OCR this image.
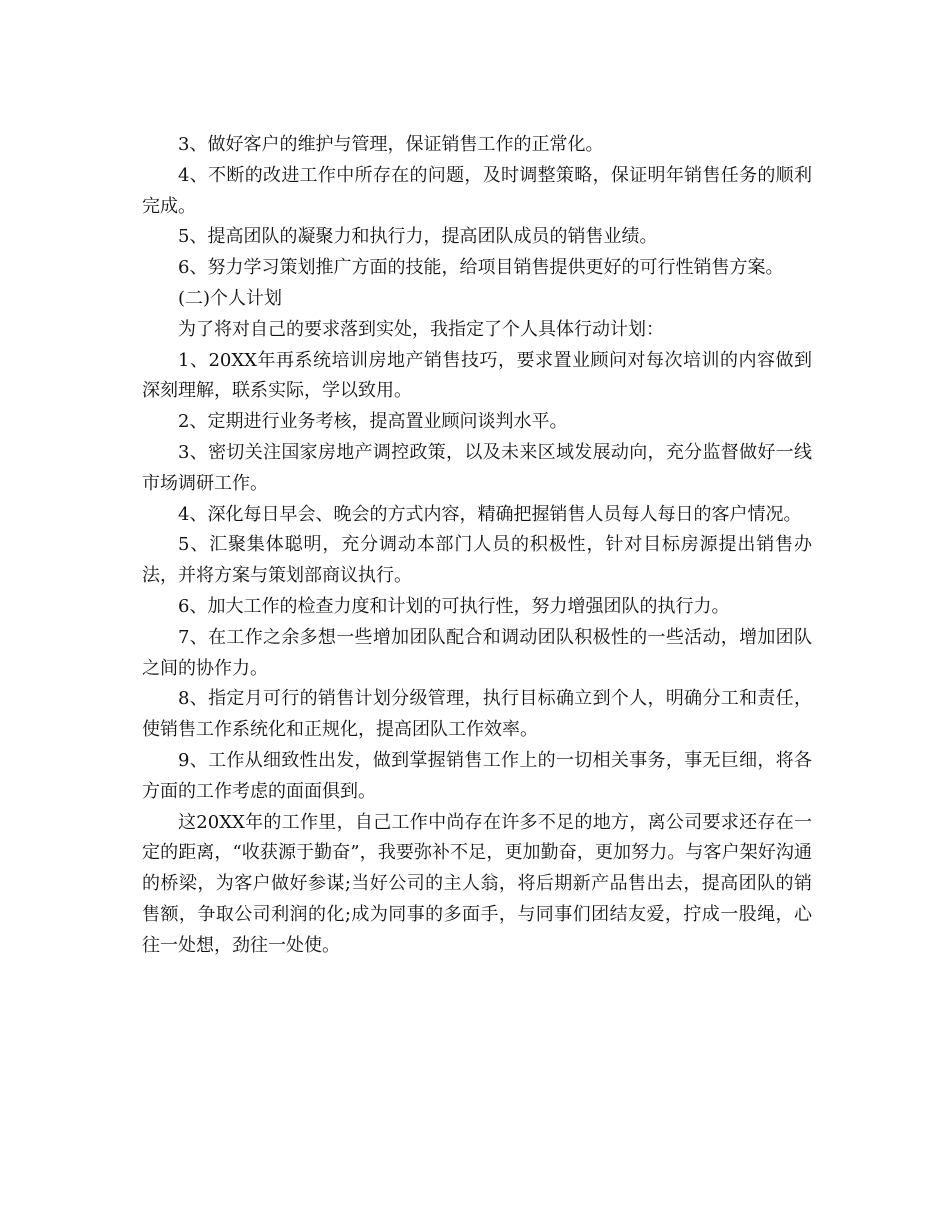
3、做好客户的维护与管理，保证销售工作的正常化。

4、不断的改进工作中所存在的问题，及时调整策略，保证明年销售任务的顺利完成。

5、提高团队的凝聚力和执行力，提高团队成员的销售业绩。

6、努力学习策划推广方面的技能，给项目销售提供更好的可行性销售方案。

(二)个人计划

为了将对自己的要求落到实处，我指定了个人具体行动计划：

1、20XX年再系统培训房地产销售技巧，要求置业顾问对每次培训的内容做到深刻理解，联系实际，学以致用。

2、定期进行业务考核，提高置业顾问谈判水平。

3、密切关注国家房地产调控政策，以及未来区域发展动向，充分监督做好一线市场调研工作。

4、深化每日早会、晚会的方式内容，精确把握销售人员每人每日的客户情况。

5、汇聚集体聪明，充分调动本部门人员的积极性，针对目标房源提出销售办法，并将方案与策划部商议执行。

6、加大工作的检查力度和计划的可执行性，努力增强团队的执行力。

7、在工作之余多想一些增加团队配合和调动团队积极性的一些活动，增加团队之间的协作力。

8、指定月可行的销售计划分级管理，执行目标确立到个人，明确分工和责任，使销售工作系统化和正规化，提高团队工作效率。

9、工作从细致性出发，做到掌握销售工作上的一切相关事务，事无巨细，将各方面的工作考虑的面面俱到。

这20XX年的工作里，自己工作中尚存在许多不足的地方，离公司要求还存在一定的距离，“收获源于勤奋”，我要弥补不足，更加勤奋，更加努力。与客户架好沟通的桥梁，为客户做好参谋;当好公司的主人翁，将后期新产品售出去，提高团队的销售额，争取公司利润的化;成为同事的多面手，与同事们团结友爱，拧成一股绳，心往一处想，劲往一处使。
